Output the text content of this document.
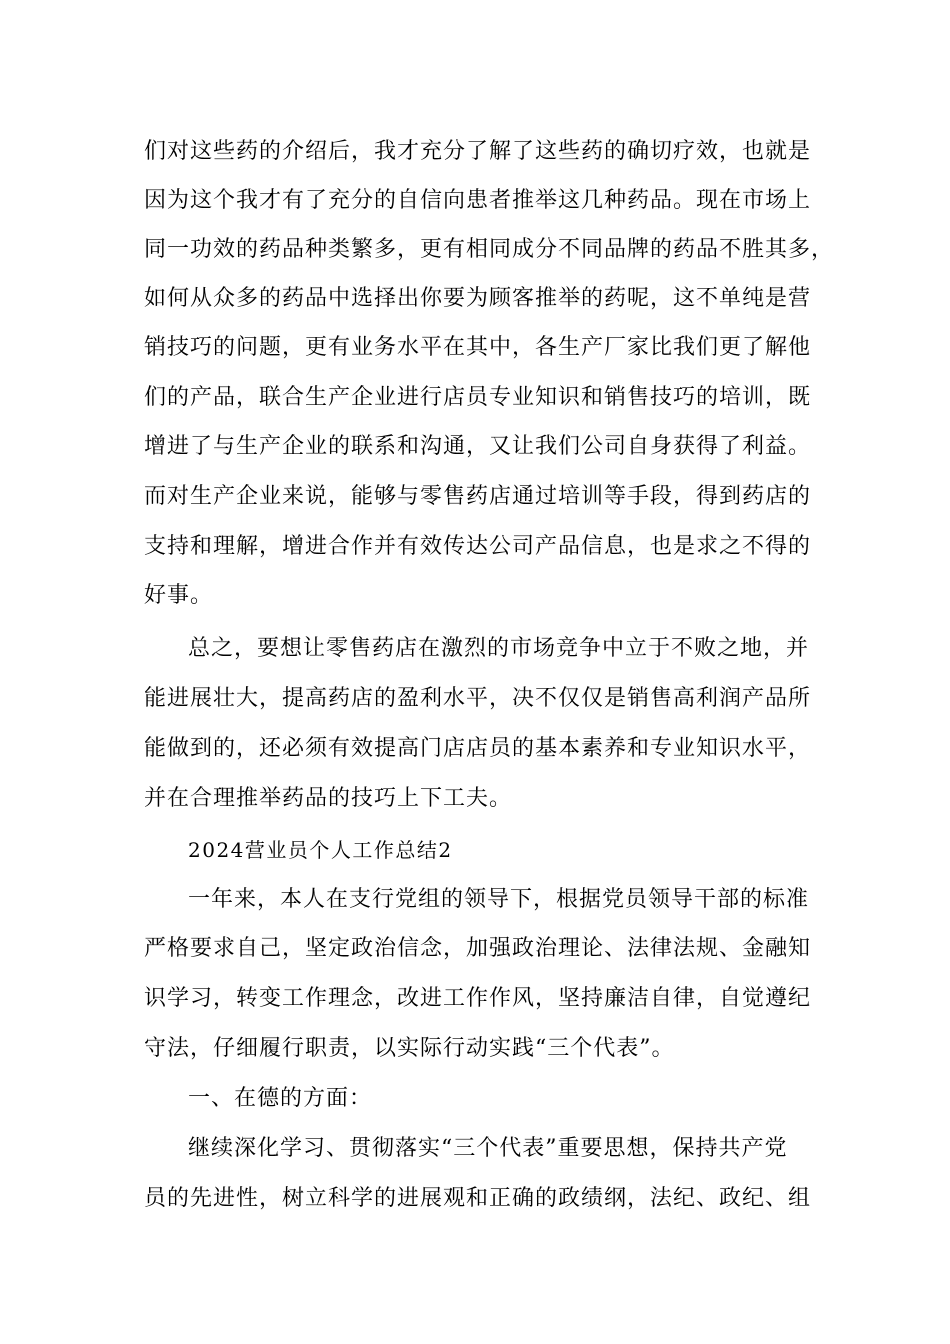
们对这些药的介绍后，我才充分了解了这些药的确切疗效，也就是
因为这个我才有了充分的自信向患者推举这几种药品。现在市场上
同一功效的药品种类繁多，更有相同成分不同品牌的药品不胜其多，
如何从众多的药品中选择出你要为顾客推举的药呢，这不单纯是营
销技巧的问题，更有业务水平在其中，各生产厂家比我们更了解他
们的产品，联合生产企业进行店员专业知识和销售技巧的培训，既
增进了与生产企业的联系和沟通，又让我们公司自身获得了利益。
而对生产企业来说，能够与零售药店通过培训等手段，得到药店的
支持和理解，增进合作并有效传达公司产品信息，也是求之不得的
好事。
总之，要想让零售药店在激烈的市场竞争中立于不败之地，并
能进展壮大，提高药店的盈利水平，决不仅仅是销售高利润产品所
能做到的，还必须有效提高门店店员的基本素养和专业知识水平，
并在合理推举药品的技巧上下工夫。
2024营业员个人工作总结2
一年来，本人在支行党组的领导下，根据党员领导干部的标准
严格要求自己，坚定政治信念，加强政治理论、法律法规、金融知
识学习，转变工作理念，改进工作作风，坚持廉洁自律，自觉遵纪
守法，仔细履行职责，以实际行动实践“三个代表”。
一、在德的方面：
继续深化学习、贯彻落实“三个代表”重要思想，保持共产党
员的先进性，树立科学的进展观和正确的政绩纲，法纪、政纪、组
